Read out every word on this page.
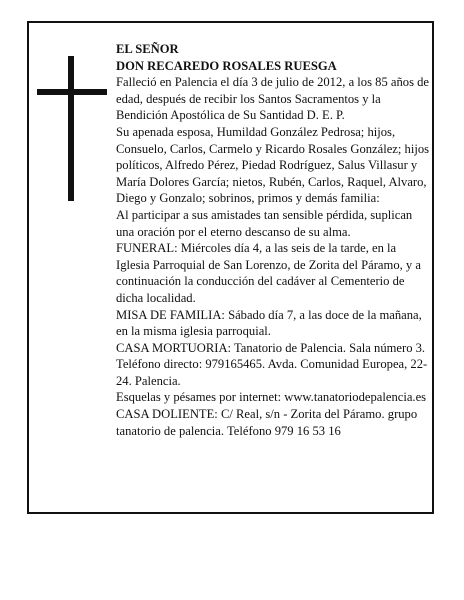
EL SEÑOR

DON RECAREDO ROSALES RUESGA

Falleció en Palencia el día 3 de julio de 2012, a los 85 años de edad, después de recibir los Santos Sacramentos y la Bendición Apostólica de Su Santidad D. E. P.

Su apenada esposa, Humildad González Pedrosa; hijos, Consuelo, Carlos, Carmelo y Ricardo Rosales González; hijos políticos, Alfredo Pérez, Piedad Rodríguez, Salus Villasur y María Dolores García; nietos, Rubén, Carlos, Raquel, Alvaro, Diego y Gonzalo; sobrinos, primos y demás familia:

Al participar a sus amistades tan sensible pérdida, suplican una oración por el eterno descanso de su alma.

FUNERAL: Miércoles día 4, a las seis de la tarde, en la Iglesia Parroquial de San Lorenzo, de Zorita del Páramo, y a continuación la conducción del cadáver al Cementerio de dicha localidad.

MISA DE FAMILIA: Sábado día 7, a las doce de la mañana, en la misma iglesia parroquial.

CASA MORTUORIA: Tanatorio de Palencia. Sala número 3. Teléfono directo: 979165465. Avda. Comunidad Europea, 22-24. Palencia.

Esquelas y pésames por internet: www.tanatoriodepalencia.es

CASA DOLIENTE: C/ Real, s/n - Zorita del Páramo. grupo tanatorio de palencia. Teléfono 979 16 53 16
